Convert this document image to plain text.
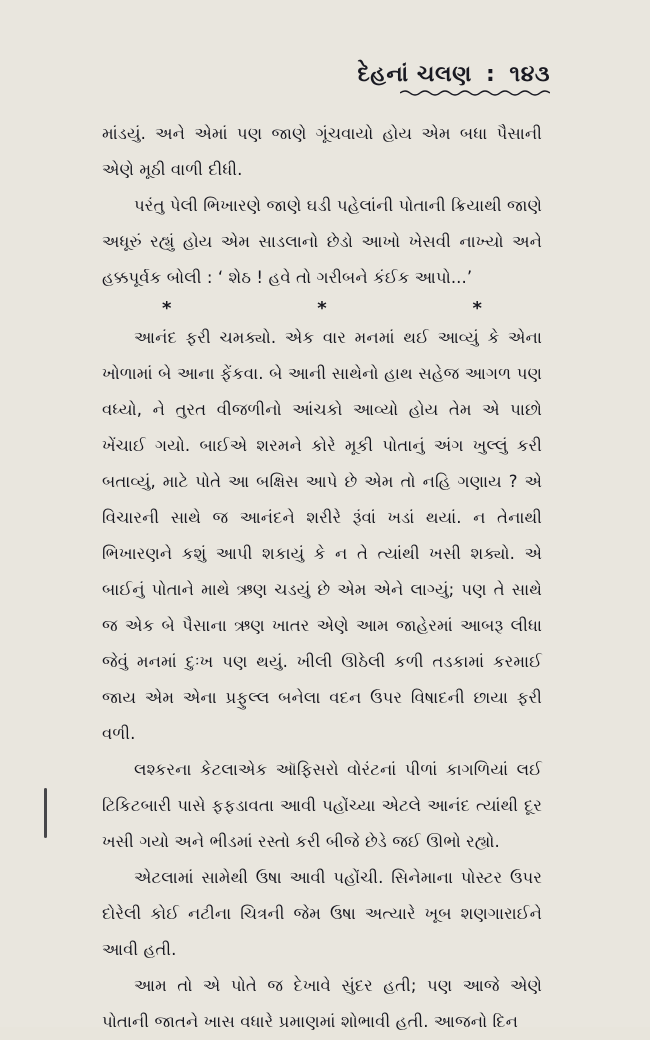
દેહનાં ચલણ : ૧૪૩

માંડયું. અને એમાં પણ જાણે ગૂંચવાયો હોય એમ બધા પૈસાની એણે મૂઠી વાળી દીધી.

પરંતુ પેલી ભિખારણે જાણે ઘડી પહેલાંની પોતાની ક્રિયાથી જાણે અધૂરું રહ્યું હોય એમ સાડલાનો છેડો આખો ખેસવી નાખ્યો અને હક્કપૂર્વક બોલી : ‘ શેઠ ! હવે તો ગરીબને કંઈક આપો...’

*	*	*

આનંદ ફરી ચમક્યો. એક વાર મનમાં થઈ આવ્યું કે એના ખોળામાં બે આના ફેંકવા. બે આની સાથેનો હાથ સહેજ આગળ પણ વધ્યો, ને તુરત વીજળીનો આંચકો આવ્યો હોય તેમ એ પાછો ખેંચાઈ ગયો. બાઈએ શરમને કોરે મૂકી પોતાનું અંગ ખુલ્લું કરી બતાવ્યું, માટે પોતે આ બક્ષિસ આપે છે એમ તો નહિ ગણાય ? એ વિચારની સાથે જ આનંદને શરીરે રૂંવાં ખડાં થયાં. ન તેનાથી ભિખારણને કશું આપી શકાયું કે ન તે ત્યાંથી ખસી શક્યો. એ બાઈનું પોતાને માથે ઋણ ચડયું છે એમ એને લાગ્યું; પણ તે સાથે જ એક બે પૈસાના ઋણ ખાતર એણે આમ જાહેરમાં આબરૂ લીધા જેવું મનમાં દુઃખ પણ થયું. ખીલી ઊઠેલી કળી તડકામાં કરમાઈ જાય એમ એના પ્રફુલ્લ બનેલા વદન ઉપર વિષાદની છાયા ફરી વળી.

લશ્કરના કેટલાએક ઑફિસરો વોરંટનાં પીળાં કાગળિયાં લઈ ટિકિટબારી પાસે ફફડાવતા આવી પહોંચ્યા એટલે આનંદ ત્યાંથી દૂર ખસી ગયો અને ભીડમાં રસ્તો કરી બીજે છેડે જઈ ઊભો રહ્યો.

એટલામાં સામેથી ઉષા આવી પહોંચી. સિનેમાના પોસ્ટર ઉપર દોરેલી કોઈ નટીના ચિત્રની જેમ ઉષા અત્યારે ખૂબ શણગારાઈને આવી હતી.

આમ તો એ પોતે જ દેખાવે સુંદર હતી; પણ આજે એણે પોતાની જાતને ખાસ વધારે પ્રમાણમાં શોભાવી હતી. આજનો દિન
